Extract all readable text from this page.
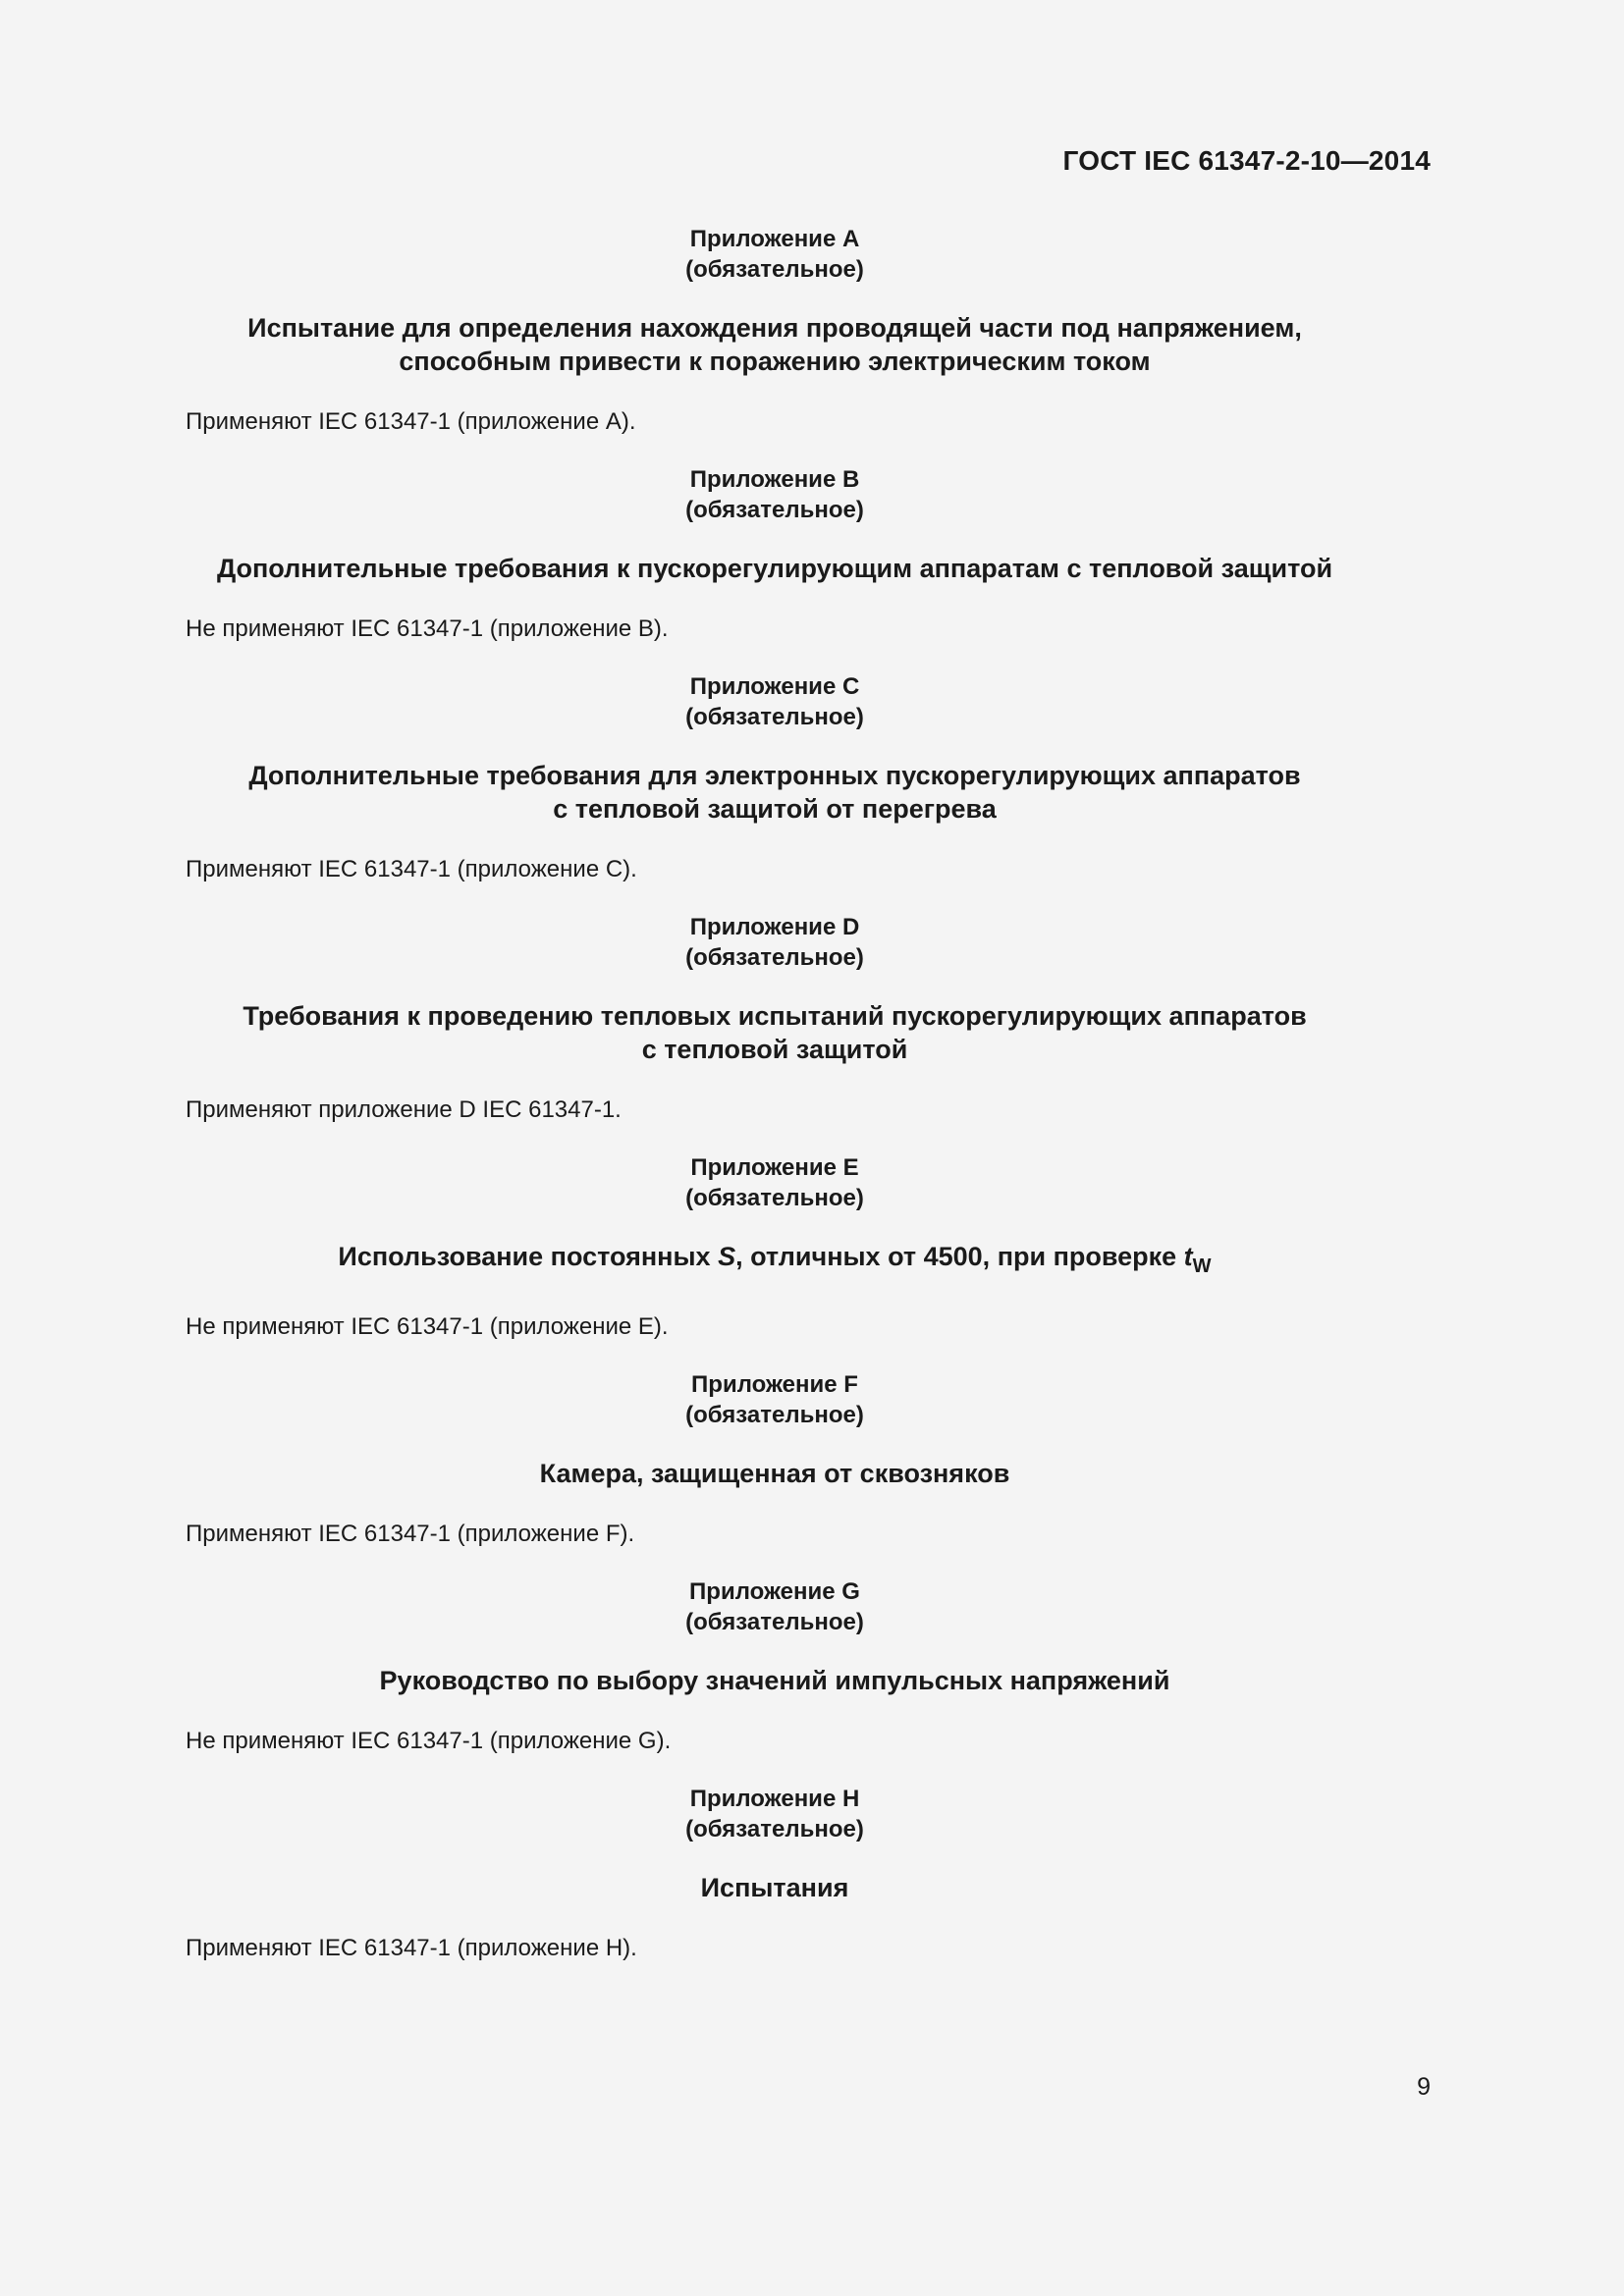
ГОСТ IEC 61347-2-10—2014
Приложение A
(обязательное)
Испытание для определения нахождения проводящей части под напряжением,
способным привести к поражению электрическим током
Применяют IEC 61347-1 (приложение A).
Приложение B
(обязательное)
Дополнительные требования к пускорегулирующим аппаратам с тепловой защитой
Не применяют IEC 61347-1 (приложение B).
Приложение C
(обязательное)
Дополнительные требования для электронных пускорегулирующих аппаратов
с тепловой защитой от перегрева
Применяют IEC 61347-1 (приложение C).
Приложение D
(обязательное)
Требования к проведению тепловых испытаний пускорегулирующих аппаратов
с тепловой защитой
Применяют приложение D IEC 61347-1.
Приложение E
(обязательное)
Использование постоянных S, отличных от 4500, при проверке $t_W$
Не применяют IEC 61347-1 (приложение E).
Приложение F
(обязательное)
Камера, защищенная от сквозняков
Применяют IEC 61347-1 (приложение F).
Приложение G
(обязательное)
Руководство по выбору значений импульсных напряжений
Не применяют IEC 61347-1 (приложение G).
Приложение H
(обязательное)
Испытания
Применяют IEC 61347-1 (приложение H).
9
